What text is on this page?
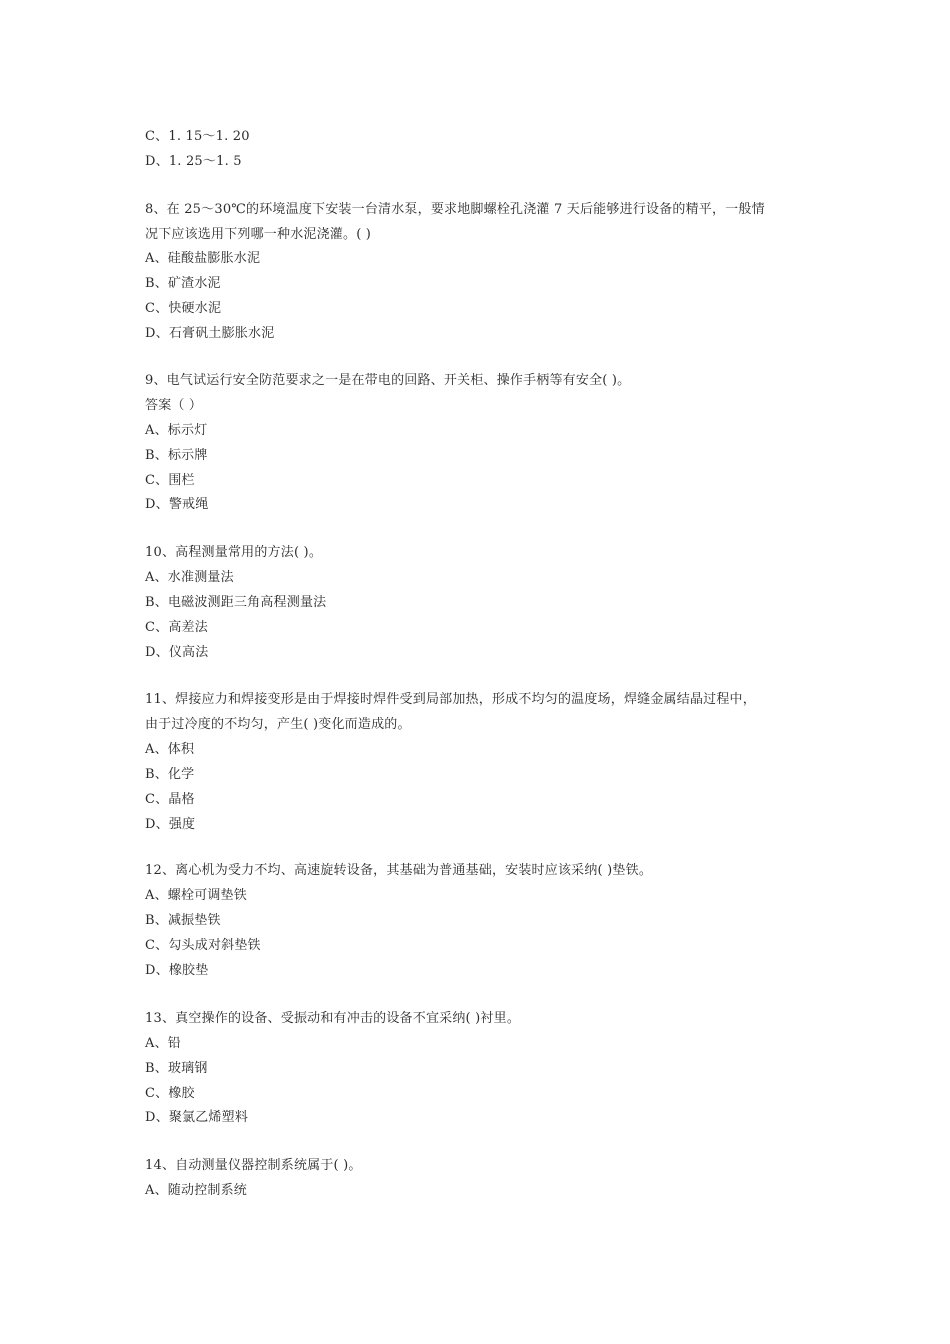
C、1. 15～1. 20
D、1. 25～1. 5
8、在 25～30℃的环境温度下安装一台清水泵，要求地脚螺栓孔浇灌 7 天后能够进行设备的精平，一般情
况下应该选用下列哪一种水泥浇灌。( )
A、硅酸盐膨胀水泥
B、矿渣水泥
C、快硬水泥
D、石膏矾土膨胀水泥
9、电气试运行安全防范要求之一是在带电的回路、开关柜、操作手柄等有安全( )。
答案（ ）
A、标示灯
B、标示牌
C、围栏
D、警戒绳
10、高程测量常用的方法( )。
A、水准测量法
B、电磁波测距三角高程测量法
C、高差法
D、仪高法
11、焊接应力和焊接变形是由于焊接时焊件受到局部加热，形成不均匀的温度场，焊缝金属结晶过程中，
由于过冷度的不均匀，产生( )变化而造成的。
A、体积
B、化学
C、晶格
D、强度
12、离心机为受力不均、高速旋转设备，其基础为普通基础，安装时应该采纳( )垫铁。
A、螺栓可调垫铁
B、减振垫铁
C、勾头成对斜垫铁
D、橡胶垫
13、真空操作的设备、受振动和有冲击的设备不宜采纳( )衬里。
A、铅
B、玻璃钢
C、橡胶
D、聚氯乙烯塑料
14、自动测量仪器控制系统属于( )。
A、随动控制系统
